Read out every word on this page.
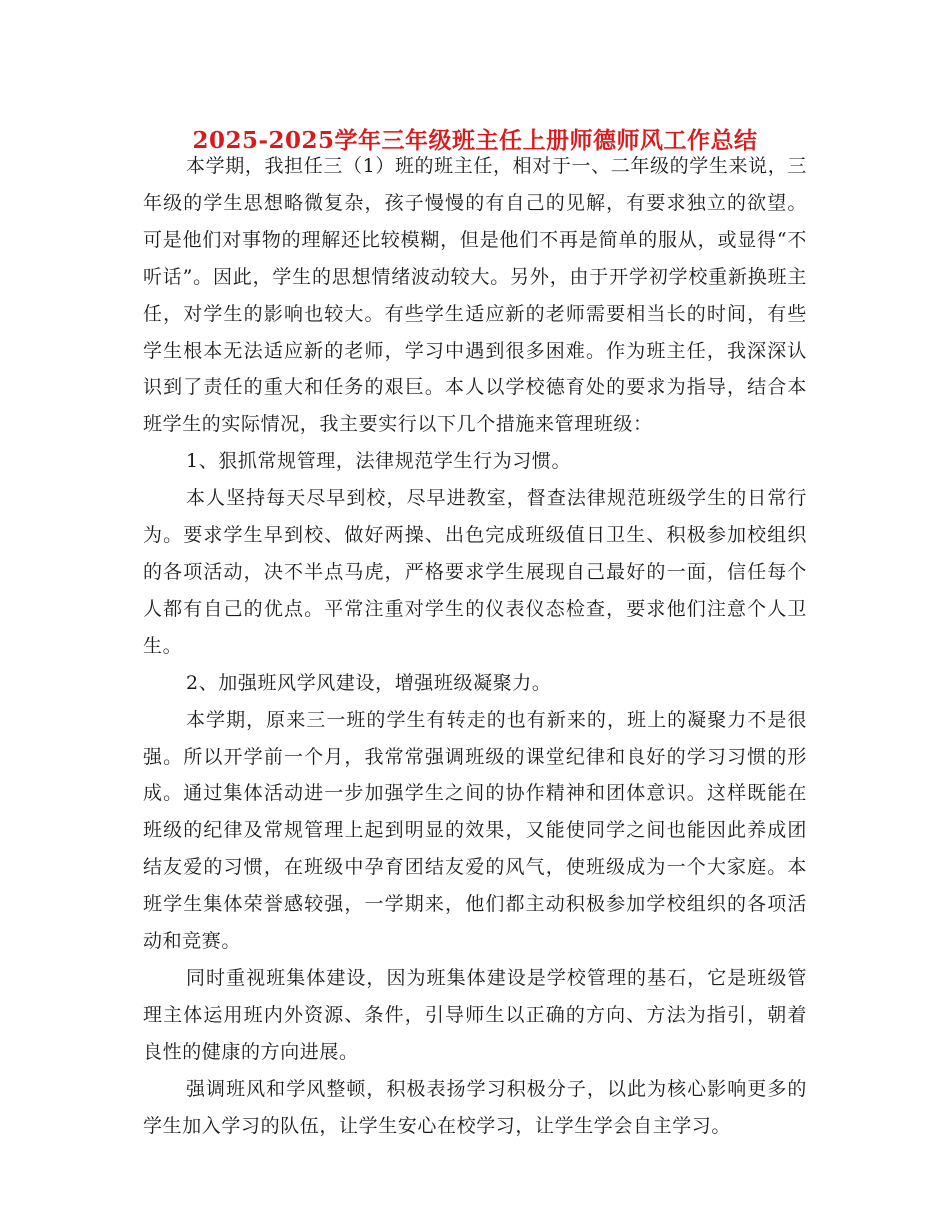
2025-2025学年三年级班主任上册师德师风工作总结

本学期，我担任三（1）班的班主任，相对于一、二年级的学生来说，三年级的学生思想略微复杂，孩子慢慢的有自己的见解，有要求独立的欲望。可是他们对事物的理解还比较模糊，但是他们不再是简单的服从，或显得“不听话”。因此，学生的思想情绪波动较大。另外，由于开学初学校重新换班主任，对学生的影响也较大。有些学生适应新的老师需要相当长的时间，有些学生根本无法适应新的老师，学习中遇到很多困难。作为班主任，我深深认识到了责任的重大和任务的艰巨。本人以学校德育处的要求为指导，结合本班学生的实际情况，我主要实行以下几个措施来管理班级：

1、狠抓常规管理，法律规范学生行为习惯。

本人坚持每天尽早到校，尽早进教室，督查法律规范班级学生的日常行为。要求学生早到校、做好两操、出色完成班级值日卫生、积极参加校组织的各项活动，决不半点马虎，严格要求学生展现自己最好的一面，信任每个人都有自己的优点。平常注重对学生的仪表仪态检查，要求他们注意个人卫生。

2、加强班风学风建设，增强班级凝聚力。

本学期，原来三一班的学生有转走的也有新来的，班上的凝聚力不是很强。所以开学前一个月，我常常强调班级的课堂纪律和良好的学习习惯的形成。通过集体活动进一步加强学生之间的协作精神和团体意识。这样既能在班级的纪律及常规管理上起到明显的效果，又能使同学之间也能因此养成团结友爱的习惯，在班级中孕育团结友爱的风气，使班级成为一个大家庭。本班学生集体荣誉感较强，一学期来，他们都主动积极参加学校组织的各项活动和竞赛。

同时重视班集体建设，因为班集体建设是学校管理的基石，它是班级管理主体运用班内外资源、条件，引导师生以正确的方向、方法为指引，朝着良性的健康的方向进展。

强调班风和学风整顿，积极表扬学习积极分子，以此为核心影响更多的学生加入学习的队伍，让学生安心在校学习，让学生学会自主学习。
